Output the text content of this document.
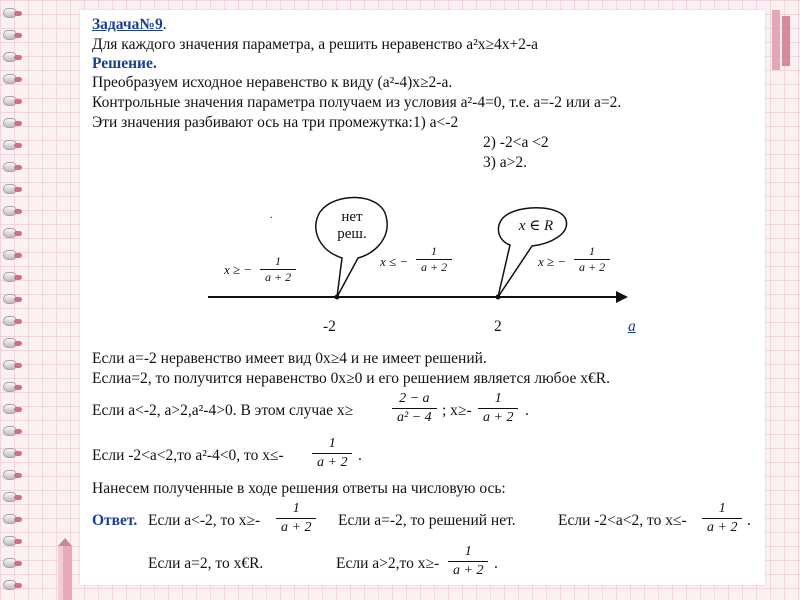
Задача№9.
Для каждого значения параметра, а решить неравенство a²x≥4x+2-a
Решение.
Преобразуем исходное неравенство к виду (a²-4)x≥2-a.
Контрольные значения параметра получаем из условия a²-4=0, т.е. a=-2 или a=2.
Эти значения разбивают ось на три промежутка:1) a<-2
2) -2<a <2
3) a>2.
нет
реш.	x ∈ R
x ≥ − $\frac{1}{a + 2}$	x ≤ − $\frac{1}{a + 2}$	x ≥ − $\frac{1}{a + 2}$
-2	2	a
.
Если a=-2 неравенство имеет вид 0x≥4 и не имеет решений.
Еслиa=2, то получится неравенство 0x≥0 и его решением является любое x€R.
Если a<-2, a>2,a²-4>0. В этом случае x≥	$\frac{2 - a}{\text{a² − 4}}$ ; $x\ge- \frac{1}{a + 2}$ .
Если -2<a<2,то a²-4<0, то $x\le- \frac{1}{a + 2}$ .
Нанесем полученные в ходе решения ответы на числовую ось:
Ответ. Если a<-2, то $x\ge- \frac{1}{a + 2}$ Если a=-2, то решений нет.	Если -2<a<2, то $x\le- \frac{1}{a + 2}$ .
Если a=2, то x€R.	Если a>2,то $x\ge- \frac{1}{a + 2}$ .
